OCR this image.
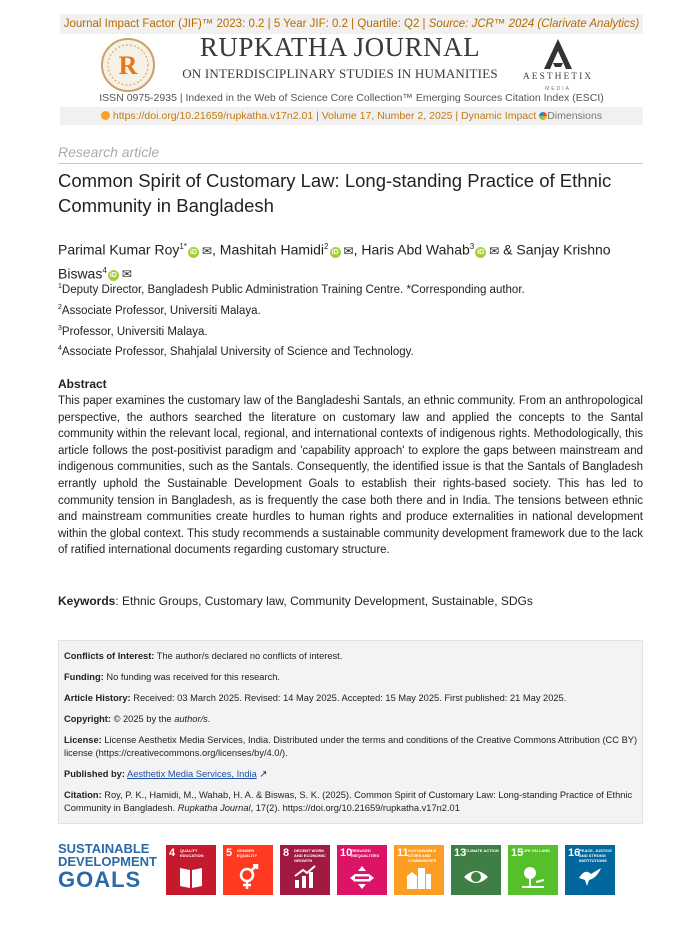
Journal Impact Factor (JIF)™ 2023: 0.2 | 5 Year JIF: 0.2 | Quartile: Q2 | Source: JCR™ 2024 (Clarivate Analytics)
R
RUPKATHA JOURNAL
ON INTERDISCIPLINARY STUDIES IN HUMANITIES	AESTHETIX
MEDIA
ISSN 0975-2935 | Indexed in the Web of Science Core Collection™ Emerging Sources Citation Index (ESCI)
https://doi.org/10.21659/rupkatha.v17n2.01 | Volume 17, Number 2, 2025 | Dynamic Impact Dimensions
Research article
Common Spirit of Customary Law: Long-standing Practice of Ethnic Community in Bangladesh
Parimal Kumar Roy$^{1*}$iD ✉, Mashitah Hamidi$^2$iD ✉, Haris Abd Wahab$^3$iD ✉ & Sanjay Krishno Biswas$^4$iD ✉
$^1$Deputy Director, Bangladesh Public Administration Training Centre. *Corresponding author.
$^2$Associate Professor, Universiti Malaya.
$^3$Professor, Universiti Malaya.
$^4$Associate Professor, Shahjalal University of Science and Technology.
Abstract
This paper examines the customary law of the Bangladeshi Santals, an ethnic community. From an anthropological perspective, the authors searched the literature on customary law and applied the concepts to the Santal community within the relevant local, regional, and international contexts of indigenous rights. Methodologically, this article follows the post-positivist paradigm and 'capability approach' to explore the gaps between mainstream and indigenous communities, such as the Santals. Consequently, the identified issue is that the Santals of Bangladesh errantly uphold the Sustainable Development Goals to establish their rights-based society. This has led to community tension in Bangladesh, as is frequently the case both there and in India. The tensions between ethnic and mainstream communities create hurdles to human rights and produce externalities in national development within the global context. This study recommends a sustainable community development framework due to the lack of ratified international documents regarding customary structure.
Keywords: Ethnic Groups, Customary law, Community Development, Sustainable, SDGs
Conflicts of Interest: The author/s declared no conflicts of interest.
Funding: No funding was received for this research.
Article History: Received: 03 March 2025. Revised: 14 May 2025. Accepted: 15 May 2025. First published: 21 May 2025.
Copyright: © 2025 by the author/s.
License: License Aesthetix Media Services, India. Distributed under the terms and conditions of the Creative Commons Attribution (CC BY) license (https://creativecommons.org/licenses/by/4.0/).
Published by: Aesthetix Media Services, India ↗
Citation: Roy, P. K., Hamidi, M., Wahab, H. A. & Biswas, S. K. (2025). Common Spirit of Customary Law: Long-standing Practice of Ethnic Community in Bangladesh. Rupkatha Journal, 17(2). https://doi.org/10.21659/rupkatha.v17n2.01
SUSTAINABLE
DEVELOPMENT
GOALS
4	QUALITY EDUCATION	5	GENDER EQUALITY	8	DECENT WORK AND ECONOMIC GROWTH
10
REDUCED INEQUALITIES	11 SUSTAINABLE CITIES AND COMMUNITIES
13
CLIMATE ACTION 15
LIFE ON LAND	16
PEACE, JUSTICE AND STRONG INSTITUTIONS
